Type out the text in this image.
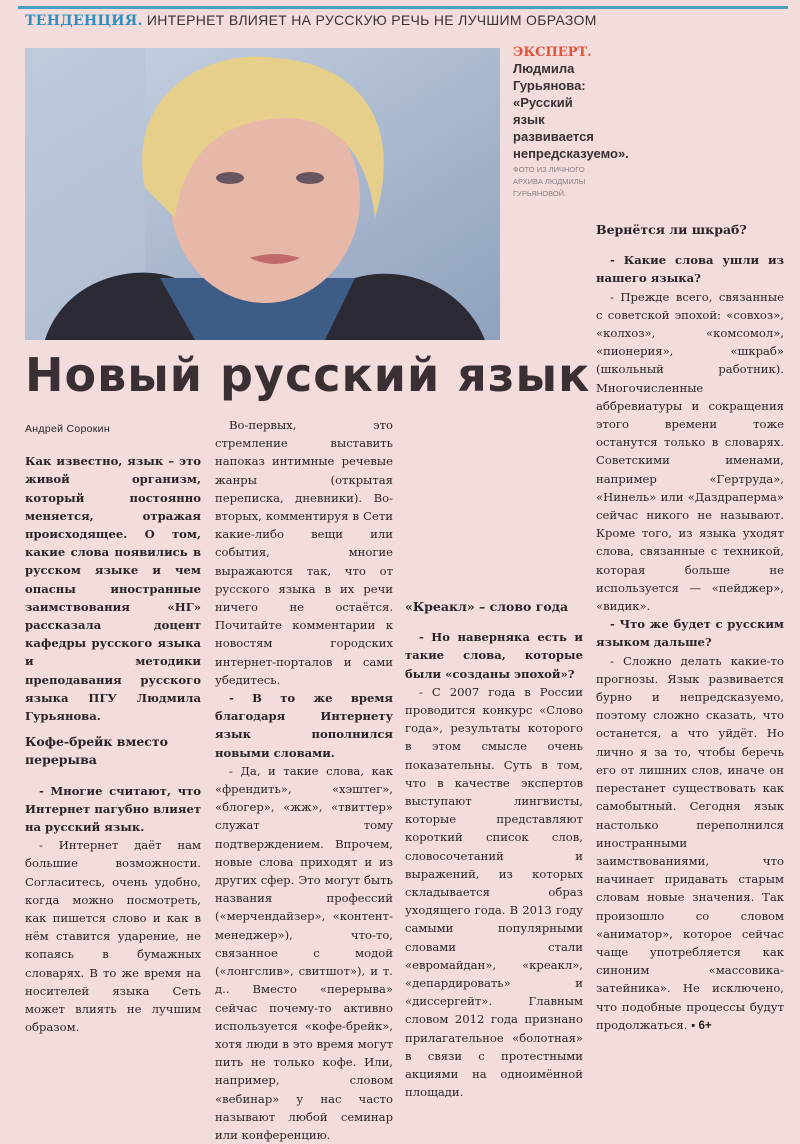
ТЕНДЕНЦИЯ. ИНТЕРНЕТ ВЛИЯЕТ НА РУССКУЮ РЕЧЬ НЕ ЛУЧШИМ ОБРАЗОМ
ЭКСПЕРТ.
Людмила Гурьянова: «Русский язык развивается непредсказуемо».
ФОТО ИЗ ЛИЧНОГО АРХИВА ЛЮДМИЛЫ ГУРЬЯНОВОЙ.
Новый русский язык
Андрей Сорокин

Как известно, язык – это живой организм, который постоянно меняется, отражая происходящее. О том, какие слова появились в русском языке и чем опасны иностранные заимствования «НГ» рассказала доцент кафедры русского языка и методики преподавания русского языка ПГУ Людмила Гурьянова.

Кофе-брейк вместо перерыва

- Многие считают, что Интернет пагубно влияет на русский язык.

- Интернет даёт нам большие возможности. Согласитесь, очень удобно, когда можно посмотреть, как пишется слово и как в нём ставится ударение, не копаясь в бумажных словарях. В то же время на носителей языка Сеть может влиять не лучшим образом.

Во-первых, это стремление выставить напоказ интимные речевые жанры (открытая переписка, дневники). Во-вторых, комментируя в Сети какие-либо вещи или события, многие выражаются так, что от русского языка в их речи ничего не остаётся. Почитайте комментарии к новостям городских интернет-порталов и сами убедитесь.

- В то же время благодаря Интернету язык пополнился новыми словами.

- Да, и такие слова, как «френдить», «хэштег», «блогер», «жж», «твиттер» служат тому подтверждением. Впрочем, новые слова приходят и из других сфер. Это могут быть названия профессий («мерчендайзер», «контент-менеджер»), что-то, связанное с модой («лонгслив», свитшот»), и т. д.. Вместо «перерыва» сейчас почему-то активно используется «кофе-брейк», хотя люди в это время могут пить не только кофе. Или, например, словом «вебинар» у нас часто называют любой семинар или конференцию.

«Креакл» – слово года

- Но наверняка есть и такие слова, которые были «созданы эпохой»?

- С 2007 года в России проводится конкурс «Слово года», результаты которого в этом смысле очень показательны. Суть в том, что в качестве экспертов выступают лингвисты, которые представляют короткий список слов, словосочетаний и выражений, из которых складывается образ уходящего года. В 2013 году самыми популярными словами стали «евромайдан», «креакл», «депардировать» и «диссергейт». Главным словом 2012 года признано прилагательное «болотная» в связи с протестными акциями на одноимённой площади.

Вернётся ли шкраб?

- Какие слова ушли из нашего языка?

- Прежде всего, связанные с советской эпохой: «совхоз», «колхоз», «комсомол», «пионерия», «шкраб» (школьный работник). Многочисленные аббревиатуры и сокращения этого времени тоже останутся только в словарях. Советскими именами, например «Гертруда», «Нинель» или «Даздраперма» сейчас никого не называют. Кроме того, из языка уходят слова, связанные с техникой, которая больше не используется — «пейджер», «видик».

- Что же будет с русским языком дальше?

- Сложно делать какие-то прогнозы. Язык развивается бурно и непредсказуемо, поэтому сложно сказать, что останется, а что уйдёт. Но лично я за то, чтобы беречь его от лишних слов, иначе он перестанет существовать как самобытный. Сегодня язык настолько переполнился иностранными заимствованиями, что начинает придавать старым словам новые значения. Так произошло со словом «аниматор», которое сейчас чаще употребляется как синоним «массовика-затейника». Не исключено, что подобные процессы будут продолжаться. ▪ 6+
